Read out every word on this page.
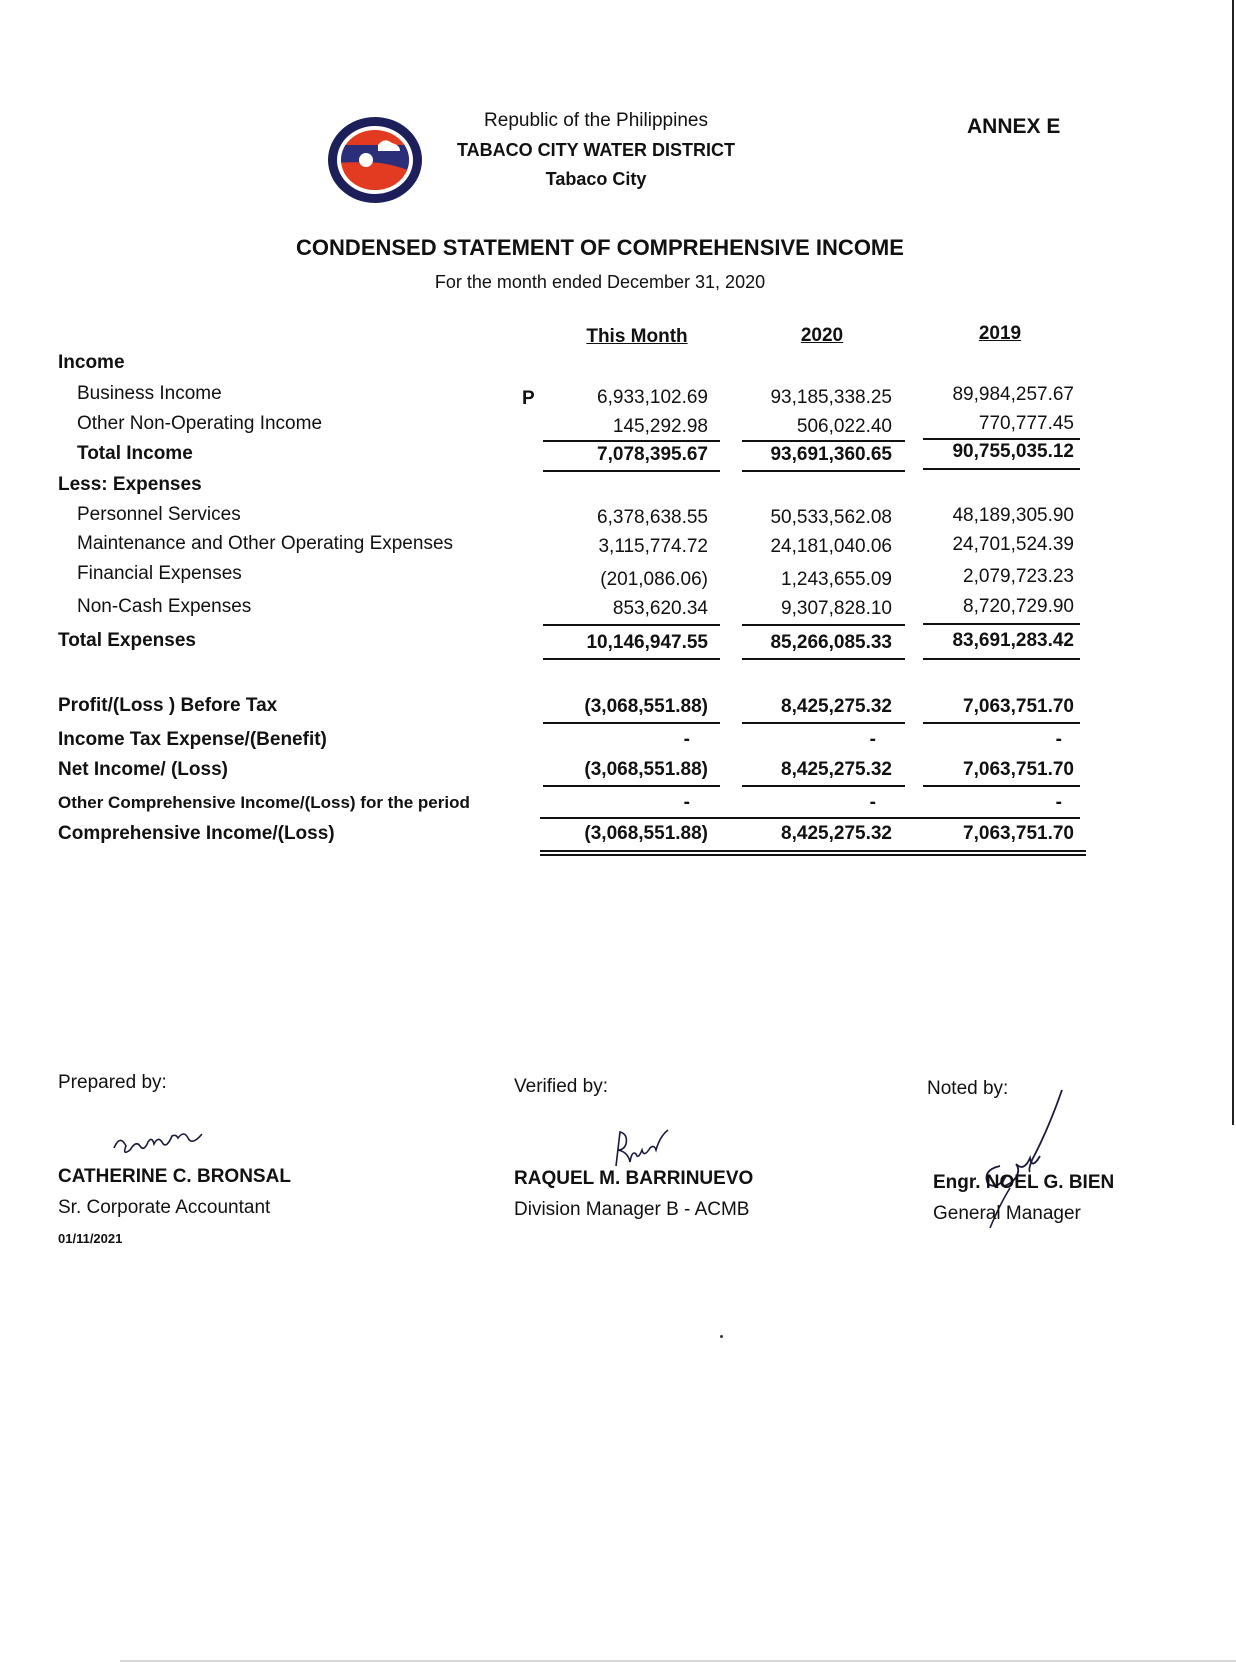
Republic of the Philippines
TABACO CITY WATER DISTRICT
Tabaco City
ANNEX E
CONDENSED STATEMENT OF COMPREHENSIVE INCOME
For the month ended December 31, 2020
This Month	2020	2019
Income
Business Income	P	6,933,102.69	93,185,338.25	89,984,257.67
Other Non-Operating Income	145,292.98	506,022.40	770,777.45
Total Income	7,078,395.67	93,691,360.65	90,755,035.12
Less: Expenses
Personnel Services	6,378,638.55	50,533,562.08	48,189,305.90
Maintenance and Other Operating Expenses	3,115,774.72	24,181,040.06	24,701,524.39
Financial Expenses	(201,086.06)	1,243,655.09	2,079,723.23
Non-Cash Expenses	853,620.34	9,307,828.10	8,720,729.90
Total Expenses	10,146,947.55	85,266,085.33	83,691,283.42
Profit/(Loss ) Before Tax	(3,068,551.88)	8,425,275.32	7,063,751.70
Income Tax Expense/(Benefit)	-	-	-
Net Income/ (Loss)	(3,068,551.88)	8,425,275.32	7,063,751.70
Other Comprehensive Income/(Loss) for the period	-	-	-
Comprehensive Income/(Loss)	(3,068,551.88)	8,425,275.32	7,063,751.70
Prepared by:
CATHERINE C. BRONSAL
Sr. Corporate Accountant
01/11/2021
Verified by:
RAQUEL M. BARRINUEVO
Division Manager B - ACMB
Noted by:
Engr. NOEL G. BIEN
General Manager
